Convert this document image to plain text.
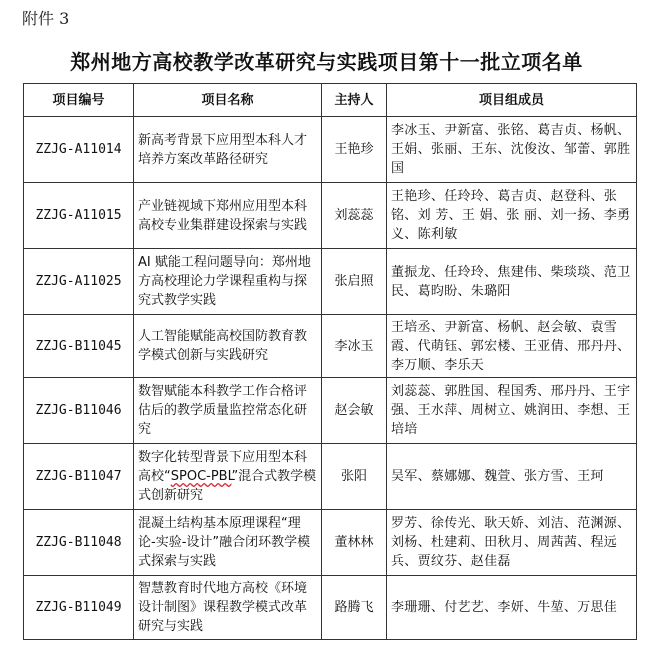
附件 3
郑州地方高校教学改革研究与实践项目第十一批立项名单
项目编号	项目名称	主持人	项目组成员
ZZJG-A11014	新高考背景下应用型本科人才培养方案改革路径研究	王艳珍	李冰玉、尹新富、张铭、葛吉贞、杨帆、王娟、张丽、王东、沈俊汝、邹蕾、郭胜国
ZZJG-A11015	产业链视域下郑州应用型本科高校专业集群建设探索与实践	刘蕊蕊	王艳珍、任玲玲、葛吉贞、赵登科、张铭、刘 芳、王 娟、张 丽、刘一扬、李勇义、陈利敏
ZZJG-A11025	AI 赋能工程问题导向：郑州地方高校理论力学课程重构与探究式教学实践	张启照	董振龙、任玲玲、焦建伟、柴琰琰、范卫民、葛昀盼、朱璐阳
ZZJG-B11045	人工智能赋能高校国防教育教学模式创新与实践研究	李冰玉	王培丞、尹新富、杨帆、赵会敏、袁雪霞、代萌钰、郭宏楼、王亚倩、邢丹丹、李万顺、李乐天
ZZJG-B11046	数智赋能本科教学工作合格评估后的教学质量监控常态化研究	赵会敏	刘蕊蕊、郭胜国、程国秀、邢丹丹、王宇强、王水萍、周树立、姚润田、李想、王培培
ZZJG-B11047	数字化转型背景下应用型本科高校“SPOC-PBL”混合式教学模式创新研究	张阳	吴军、蔡娜娜、魏萱、张方雪、王珂
ZZJG-B11048	混凝土结构基本原理课程“理论-实验-设计”融合闭环教学模式探索与实践	董林林	罗芳、徐传光、耿天娇、刘洁、范渊源、刘杨、杜建莉、田秋月、周茜茜、程远兵、贾纹芬、赵佳磊
ZZJG-B11049	智慧教育时代地方高校《环境设计制图》课程教学模式改革研究与实践	路腾飞	李珊珊、付艺艺、李妍、牛堃、万思佳
